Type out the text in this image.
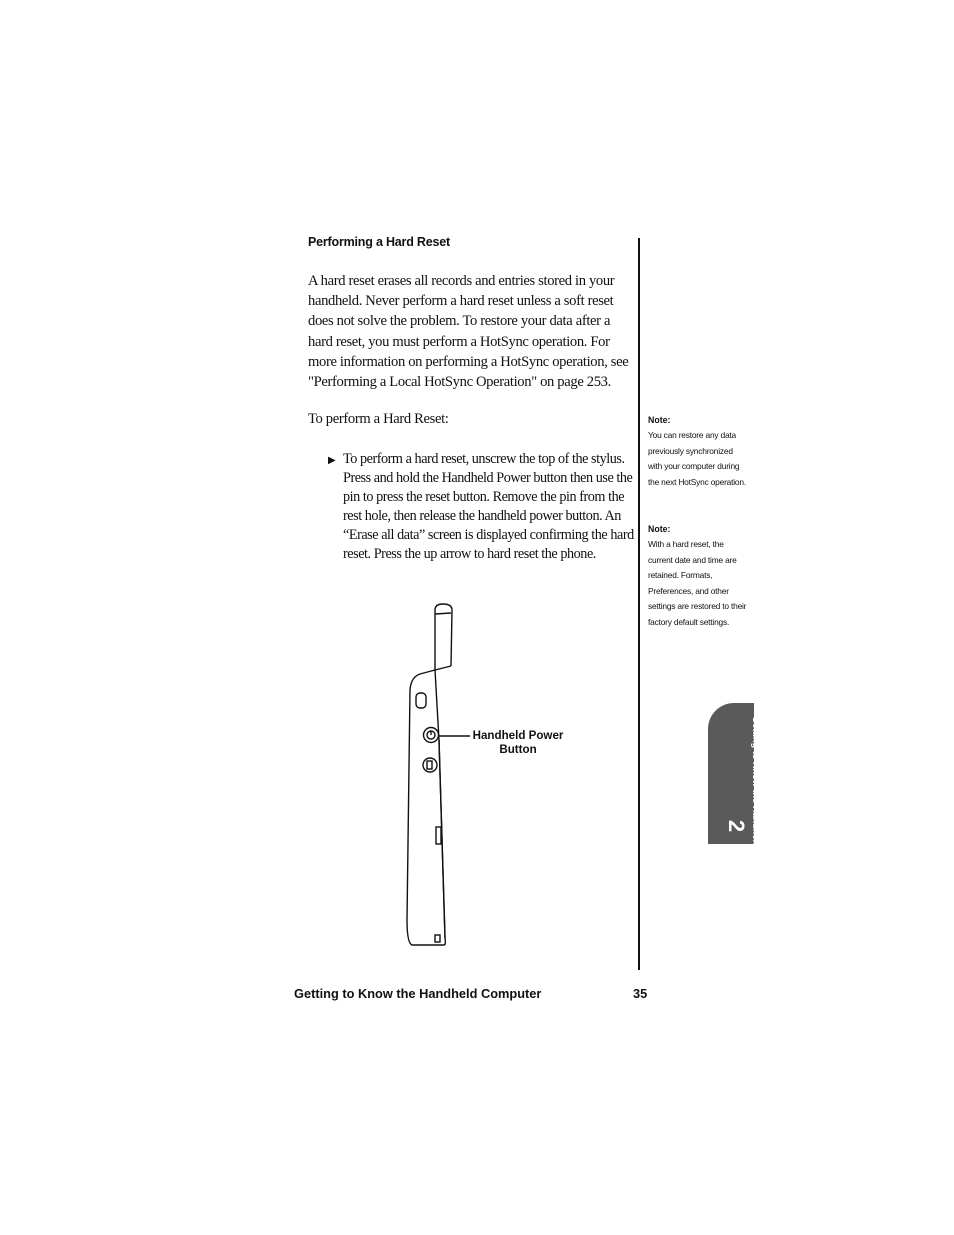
Performing a Hard Reset

A hard reset erases all records and entries stored in your handheld. Never perform a hard reset unless a soft reset does not solve the problem. To restore your data after a hard reset, you must perform a HotSync operation. For more information on performing a HotSync operation, see "Performing a Local HotSync Operation" on page 253.

To perform a Hard Reset:

▶ To perform a hard reset, unscrew the top of the stylus. Press and hold the Handheld Power button then use the pin to press the reset button. Remove the pin from the rest hole, then release the handheld power button. An “Erase all data” screen is displayed confirming the hard reset. Press the up arrow to hard reset the phone.
Note:
You can restore any data previously synchronized with your computer during the next HotSync operation.
Note:
With a hard reset, the current date and time are retained. Formats, Preferences, and other settings are restored to their factory default settings.
Getting to Know the Handheld Computer
2
Handheld Power Button
Getting to Know the Handheld Computer	35
